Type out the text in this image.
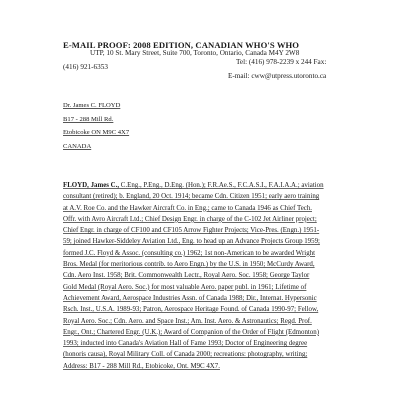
E-MAIL PROOF: 2008 EDITION, CANADIAN WHO'S WHO
UTP, 10 St. Mary Street, Suite 700, Toronto, Ontario, Canada M4Y 2W8
Tel: (416) 978-2239 x 244 Fax:
(416) 921-6353
E-mail: cww@utpress.utoronto.ca
Dr. James C. FLOYD
B17 - 288 Mill Rd.
Etobicoke ON M9C 4X7
CANADA
FLOYD, James C., C.Eng., P.Eng., D.Eng. (Hon.); F.R.Ae.S., F.C.A.S.I., F.A.I.A.A.; aviation
consultant (retired); b. England, 20 Oct. 1914; became Cdn. Citizen 1951; early aero training
at A.V. Roe Co. and the Hawker Aircraft Co. in Eng.; came to Canada 1946 as Chief Tech.
Offr. with Avro Aircraft Ltd.; Chief Design Engr. in charge of the C-102 Jet Airliner project;
Chief Engr. in charge of CF100 and CF105 Arrow Fighter Projects; Vice-Pres. (Engn.) 1951-
59; joined Hawker-Siddeley Aviation Ltd., Eng. to head up an Advance Projects Group 1959;
formed J.C. Floyd & Assoc. (consulting co.) 1962; 1st non-American to be awarded Wright
Bros. Medal (for meritorious contrib. to Aero Engn.) by the U.S. in 1950; McCurdy Award,
Cdn. Aero Inst. 1958; Brit. Commonwealth Lectr., Royal Aero. Soc. 1958; George Taylor
Gold Medal (Royal Aero. Soc.) for most valuable Aero. paper publ. in 1961; Lifetime of
Achievement Award, Aerospace Industries Assn. of Canada 1988; Dir., Internat. Hypersonic
Rsch. Inst., U.S.A. 1989-93; Patron, Aerospace Heritage Found. of Canada 1990-97; Fellow,
Royal Aero. Soc.; Cdn. Aero. and Space Inst.; Am. Inst. Aero. & Astronautics; Regd. Prof.
Engr., Ont.; Chartered Engr. (U.K.); Award of Companion of the Order of Flight (Edmonton)
1993; inducted into Canada's Aviation Hall of Fame 1993; Doctor of Engineering degree
(honoris causa), Royal Military Coll. of Canada 2000; recreations: photography, writing;
Address: B17 - 288 Mill Rd., Etobicoke, Ont. M9C 4X7.
